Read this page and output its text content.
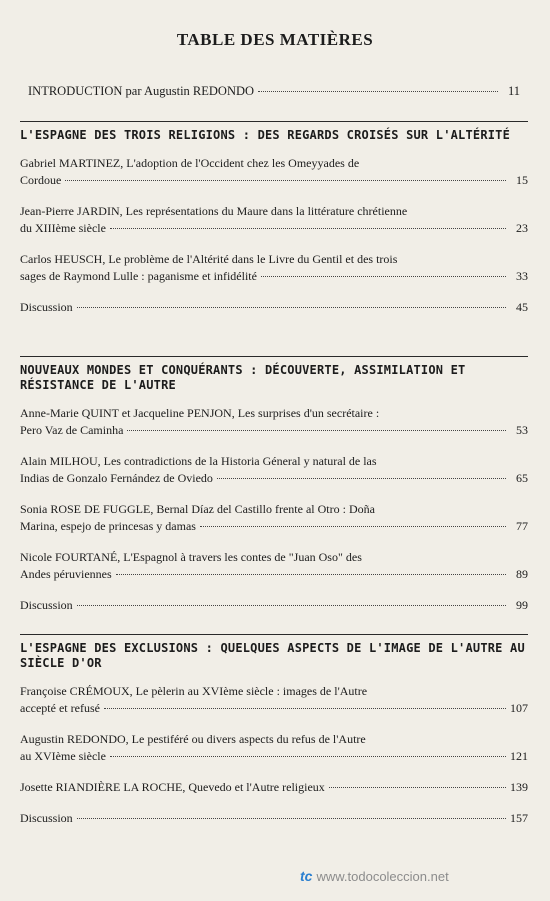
TABLE DES MATIÈRES
INTRODUCTION par Augustin REDONDO	11
L'ESPAGNE DES TROIS RELIGIONS : DES REGARDS CROISÉS SUR L'ALTÉRITÉ
Gabriel MARTINEZ, L'adoption de l'Occident chez les Omeyyades de
Cordoue	15
Jean-Pierre JARDIN, Les représentations du Maure dans la littérature chrétienne
du XIIIème siècle	23
Carlos HEUSCH, Le problème de l'Altérité dans le Livre du Gentil et des trois
sages de Raymond Lulle : paganisme et infidélité	33
Discussion	45
NOUVEAUX MONDES ET CONQUÉRANTS : DÉCOUVERTE, ASSIMILATION ET RÉSISTANCE DE L'AUTRE
Anne-Marie QUINT et Jacqueline PENJON, Les surprises d'un secrétaire :
Pero Vaz de Caminha	53
Alain MILHOU, Les contradictions de la Historia Géneral y natural de las
Indias de Gonzalo Fernández de Oviedo	65
Sonia ROSE DE FUGGLE, Bernal Díaz del Castillo frente al Otro : Doña
Marina, espejo de princesas y damas	77
Nicole FOURTANÉ, L'Espagnol à travers les contes de "Juan Oso" des
Andes péruviennes	89
Discussion	99
L'ESPAGNE DES EXCLUSIONS : QUELQUES ASPECTS DE L'IMAGE DE L'AUTRE AU SIÈCLE D'OR
Françoise CRÉMOUX, Le pèlerin au XVIème siècle : images de l'Autre
accepté et refusé	107
Augustin REDONDO, Le pestiféré ou divers aspects du refus de l'Autre
au XVIème siècle	121
Josette RIANDIÈRE LA ROCHE, Quevedo et l'Autre religieux	139
Discussion	157
tc www.todocoleccion.net
